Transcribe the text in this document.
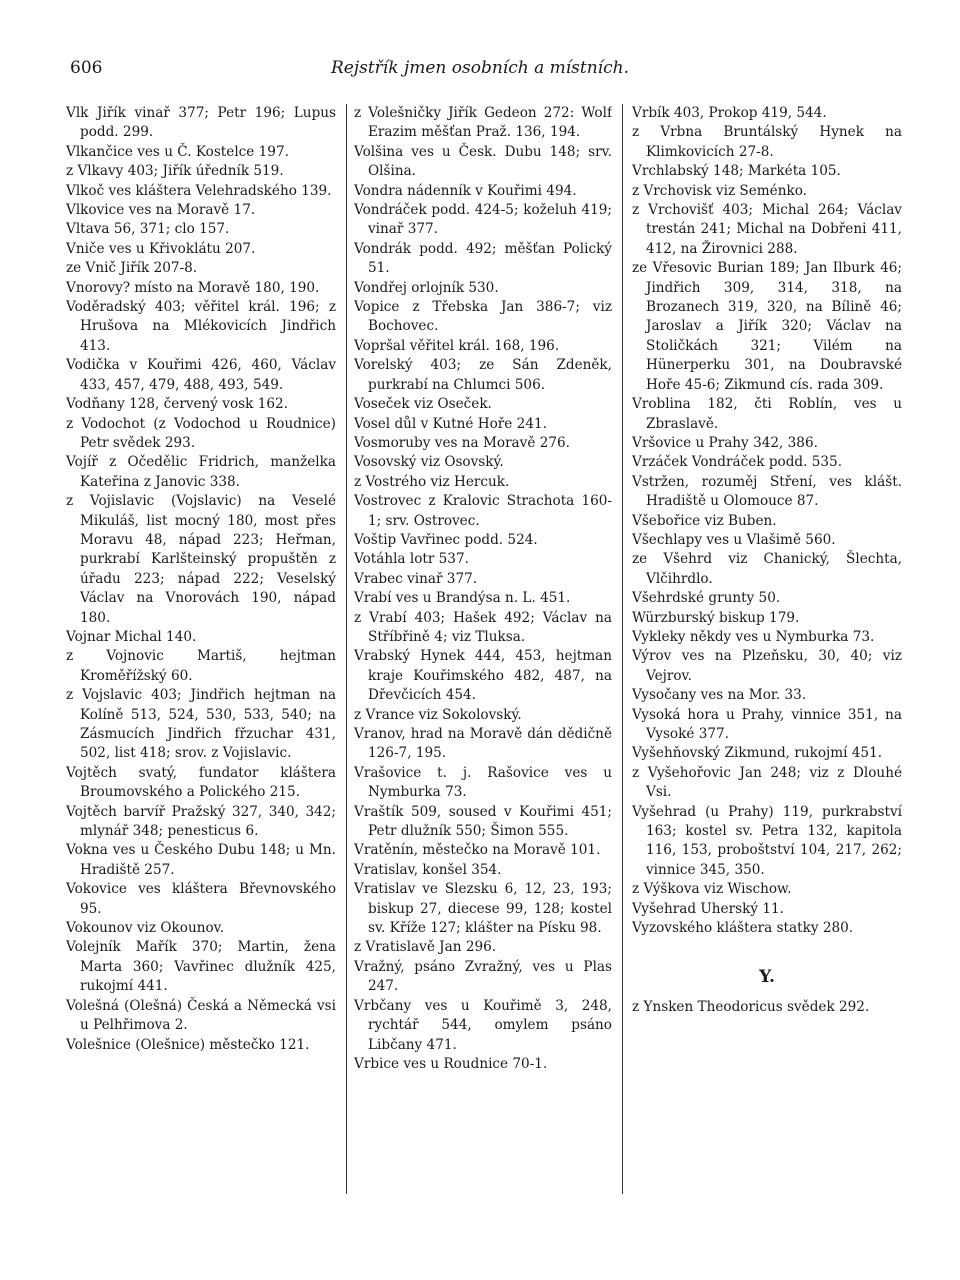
606	Rejstřík jmen osobních a místních.

Vlk Jiřík vinař 377; Petr 196; Lupus podd. 299.

Vlkančice ves u Č. Kostelce 197.

z Vlkavy 403; Jiřík úředník 519.

Vlkoč ves kláštera Velehradského 139.

Vlkovice ves na Moravě 17.

Vltava 56, 371; clo 157.

Vniče ves u Křivoklátu 207.

ze Vnič Jiřík 207-8.

Vnorovy? místo na Moravě 180, 190.

Voděradský 403; věřitel král. 196; z Hrušova na Mlékovicích Jindřich 413.

Vodička v Kouřimi 426, 460, Václav 433, 457, 479, 488, 493, 549.

Vodňany 128, červený vosk 162.

z Vodochot (z Vodochod u Roudnice) Petr svědek 293.

Vojíř z Očedělic Fridrich, manželka Kateřina z Janovic 338.

z Vojislavic (Vojslavic) na Veselé Mikuláš, list mocný 180, most přes Moravu 48, nápad 223; Heřman, purkrabí Karlšteinský propuštěn z úřadu 223; nápad 222; Veselský Václav na Vnorovách 190, nápad 180.

Vojnar Michal 140.

z Vojnovic Martiš, hejtman Kroměřížský 60.

z Vojslavic 403; Jindřich hejtman na Kolíně 513, 524, 530, 533, 540; na Zásmucích Jindřich fřzuchar 431, 502, list 418; srov. z Vojislavic.

Vojtěch svatý, fundator kláštera Broumovského a Polického 215.

Vojtěch barvíř Pražský 327, 340, 342; mlynář 348; penesticus 6.

Vokna ves u Českého Dubu 148; u Mn. Hradiště 257.

Vokovice ves kláštera Břevnovského 95.

Vokounov viz Okounov.

Volejník Mařík 370; Martin, žena Marta 360; Vavřinec dlužník 425, rukojmí 441.

Volešná (Olešná) Česká a Německá vsi u Pelhřimova 2.

Volešnice (Olešnice) městečko 121.

z Volešničky Jiřík Gedeon 272: Wolf Erazim měšťan Praž. 136, 194.

Volšina ves u Česk. Dubu 148; srv. Olšina.

Vondra nádenník v Kouřimi 494.

Vondráček podd. 424-5; koželuh 419; vinař 377.

Vondrák podd. 492; měšťan Polický 51.

Vondřej orlojník 530.

Vopice z Třebska Jan 386-7; viz Bochovec.

Vopršal věřitel král. 168, 196.

Vorelský 403; ze Sán Zdeněk, purkrabí na Chlumci 506.

Voseček viz Oseček.

Vosel důl v Kutné Hoře 241.

Vosmoruby ves na Moravě 276.

Vosovský viz Osovský.

z Vostrého viz Hercuk.

Vostrovec z Kralovic Strachota 160-1; srv. Ostrovec.

Voštip Vavřinec podd. 524.

Votáhla lotr 537.

Vrabec vinař 377.

Vrabí ves u Brandýsa n. L. 451.

z Vrabí 403; Hašek 492; Václav na Stříbřině 4; viz Tluksa.

Vrabský Hynek 444, 453, hejtman kraje Kouřimského 482, 487, na Dřevčicích 454.

z Vrance viz Sokolovský.

Vranov, hrad na Moravě dán dědičně 126-7, 195.

Vrašovice t. j. Rašovice ves u Nymburka 73.

Vraštík 509, soused v Kouřimi 451; Petr dlužník 550; Šimon 555.

Vratěnín, městečko na Moravě 101.

Vratislav, konšel 354.

Vratislav ve Slezsku 6, 12, 23, 193; biskup 27, diecese 99, 128; kostel sv. Kříže 127; klášter na Písku 98.

z Vratislavě Jan 296.

Vražný, psáno Zvražný, ves u Plas 247.

Vrbčany ves u Kouřimě 3, 248, rychtář 544, omylem psáno Libčany 471.

Vrbice ves u Roudnice 70-1.

Vrbík 403, Prokop 419, 544.

z Vrbna Bruntálský Hynek na Klimkovicích 27-8.

Vrchlabský 148; Markéta 105.

z Vrchovisk viz Seménko.

z Vrchovišť 403; Michal 264; Václav trestán 241; Michal na Dobřeni 411, 412, na Žirovnici 288.

ze Vřesovic Burian 189; Jan Ilburk 46; Jindřich 309, 314, 318, na Brozanech 319, 320, na Bílině 46; Jaroslav a Jiřík 320; Václav na Stoličkách 321; Vilém na Hünerperku 301, na Doubravské Hoře 45-6; Zikmund cís. rada 309.

Vroblina 182, čti Roblín, ves u Zbraslavě.

Vršovice u Prahy 342, 386.

Vrzáček Vondráček podd. 535.

Vstržen, rozuměj Stření, ves klášt. Hradiště u Olomouce 87.

Všebořice viz Buben.

Všechlapy ves u Vlašimě 560.

ze Všehrd viz Chanický, Šlechta, Vlčihrdlo.

Všehrdské grunty 50.

Würzburský biskup 179.

Vykleky někdy ves u Nymburka 73.

Výrov ves na Plzeňsku, 30, 40; viz Vejrov.

Vysočany ves na Mor. 33.

Vysoká hora u Prahy, vinnice 351, na Vysoké 377.

Vyšehňovský Zikmund, rukojmí 451.

z Vyšehořovic Jan 248; viz z Dlouhé Vsi.

Vyšehrad (u Prahy) 119, purkrabství 163; kostel sv. Petra 132, kapitola 116, 153, proboštství 104, 217, 262; vinnice 345, 350.

z Výškova viz Wischow.

Vyšehrad Uherský 11.

Vyzovského kláštera statky 280.

Y.

z Ynsken Theodoricus svědek 292.
